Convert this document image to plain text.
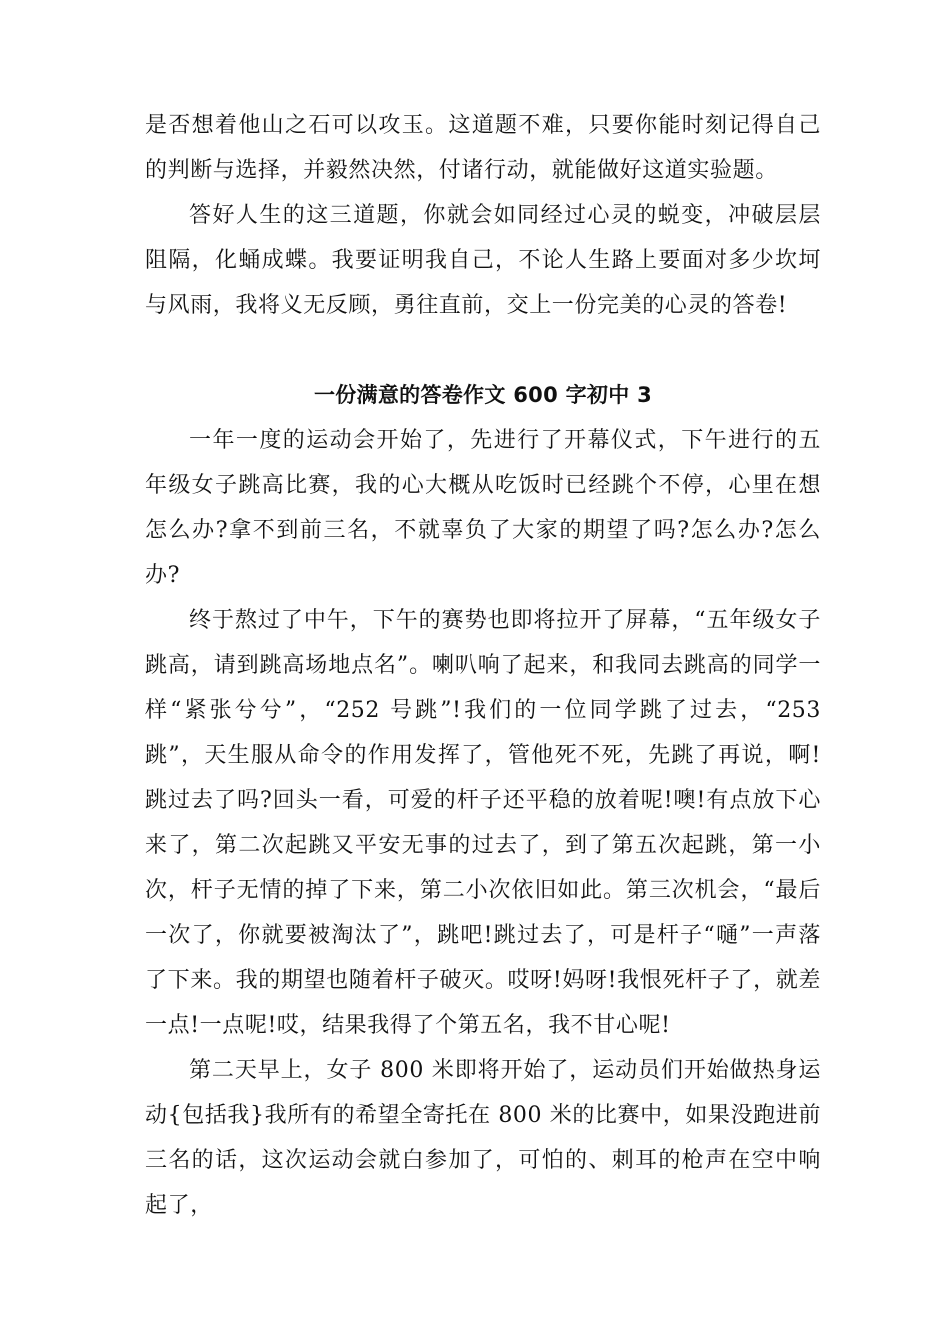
是否想着他山之石可以攻玉。这道题不难，只要你能时刻记得自己的判断与选择，并毅然决然，付诸行动，就能做好这道实验题。

答好人生的这三道题，你就会如同经过心灵的蜕变，冲破层层阻隔，化蛹成蝶。我要证明我自己，不论人生路上要面对多少坎坷与风雨，我将义无反顾，勇往直前，交上一份完美的心灵的答卷!

一份满意的答卷作文 600 字初中 3

一年一度的运动会开始了，先进行了开幕仪式，下午进行的五年级女子跳高比赛，我的心大概从吃饭时已经跳个不停，心里在想怎么办?拿不到前三名，不就辜负了大家的期望了吗?怎么办?怎么办?

终于熬过了中午，下午的赛势也即将拉开了屏幕，“五年级女子跳高，请到跳高场地点名”。喇叭响了起来，和我同去跳高的同学一样“紧张兮兮”，“252 号跳”!我们的一位同学跳了过去，“253 跳”，天生服从命令的作用发挥了，管他死不死，先跳了再说，啊!跳过去了吗?回头一看，可爱的杆子还平稳的放着呢!噢!有点放下心来了，第二次起跳又平安无事的过去了，到了第五次起跳，第一小次，杆子无情的掉了下来，第二小次依旧如此。第三次机会，“最后一次了，你就要被淘汰了”，跳吧!跳过去了，可是杆子“嗵”一声落了下来。我的期望也随着杆子破灭。哎呀!妈呀!我恨死杆子了，就差一点!一点呢!哎，结果我得了个第五名，我不甘心呢!

第二天早上，女子 800 米即将开始了，运动员们开始做热身运动{包括我}我所有的希望全寄托在 800 米的比赛中，如果没跑进前三名的话，这次运动会就白参加了，可怕的、刺耳的枪声在空中响起了，
